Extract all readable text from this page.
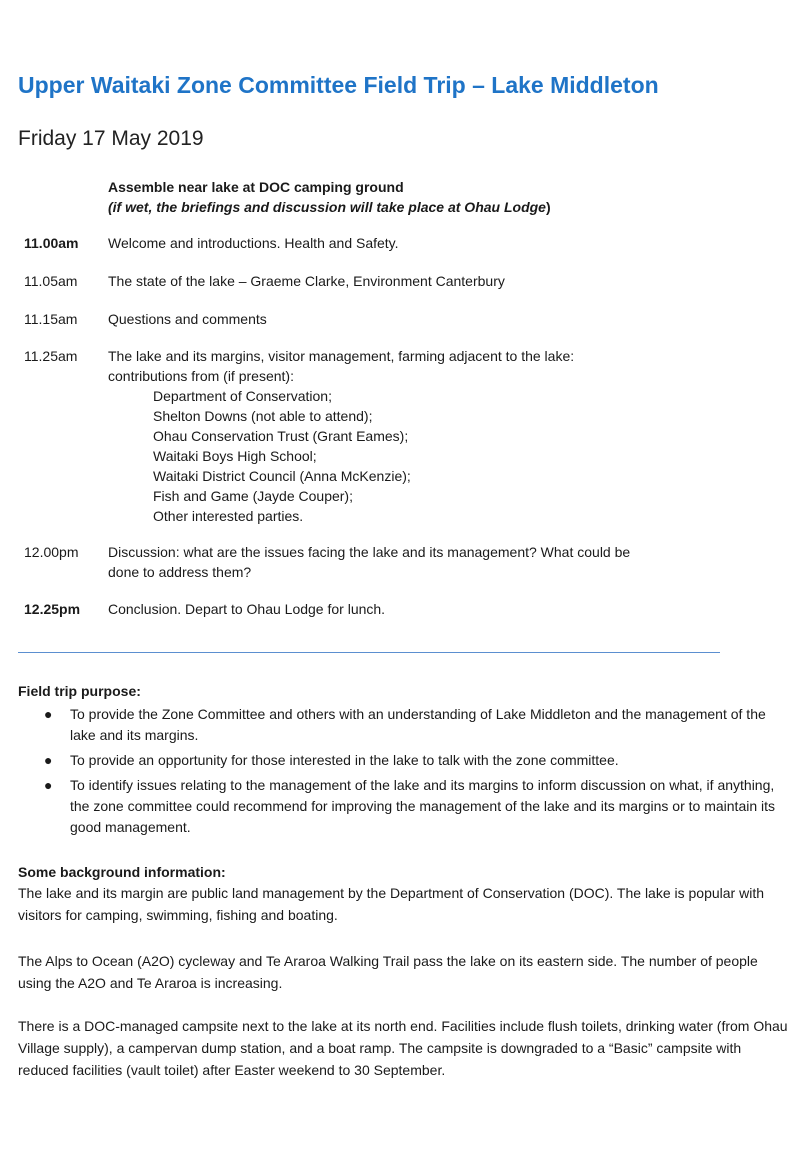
Upper Waitaki Zone Committee Field Trip – Lake Middleton
Friday 17 May 2019
Assemble near lake at DOC camping ground
(if wet, the briefings and discussion will take place at Ohau Lodge)
11.00am Welcome and introductions. Health and Safety.
11.05am The state of the lake – Graeme Clarke, Environment Canterbury
11.15am Questions and comments
11.25am The lake and its margins, visitor management, farming adjacent to the lake:
contributions from (if present):
Department of Conservation;
Shelton Downs (not able to attend);
Ohau Conservation Trust (Grant Eames);
Waitaki Boys High School;
Waitaki District Council (Anna McKenzie);
Fish and Game (Jayde Couper);
Other interested parties.
12.00pm Discussion: what are the issues facing the lake and its management? What could be
done to address them?
12.25pm Conclusion. Depart to Ohau Lodge for lunch.
Field trip purpose:
● To provide the Zone Committee and others with an understanding of Lake Middleton and the management of the lake and its margins.
● To provide an opportunity for those interested in the lake to talk with the zone committee.
● To identify issues relating to the management of the lake and its margins to inform discussion on what, if anything, the zone committee could recommend for improving the management of the lake and its margins or to maintain its good management.
Some background information:

The lake and its margin are public land management by the Department of Conservation (DOC). The lake is popular with visitors for camping, swimming, fishing and boating.

The Alps to Ocean (A2O) cycleway and Te Araroa Walking Trail pass the lake on its eastern side. The number of people using the A2O and Te Araroa is increasing.

There is a DOC-managed campsite next to the lake at its north end. Facilities include flush toilets, drinking water (from Ohau Village supply), a campervan dump station, and a boat ramp. The campsite is downgraded to a “Basic” campsite with reduced facilities (vault toilet) after Easter weekend to 30 September.
